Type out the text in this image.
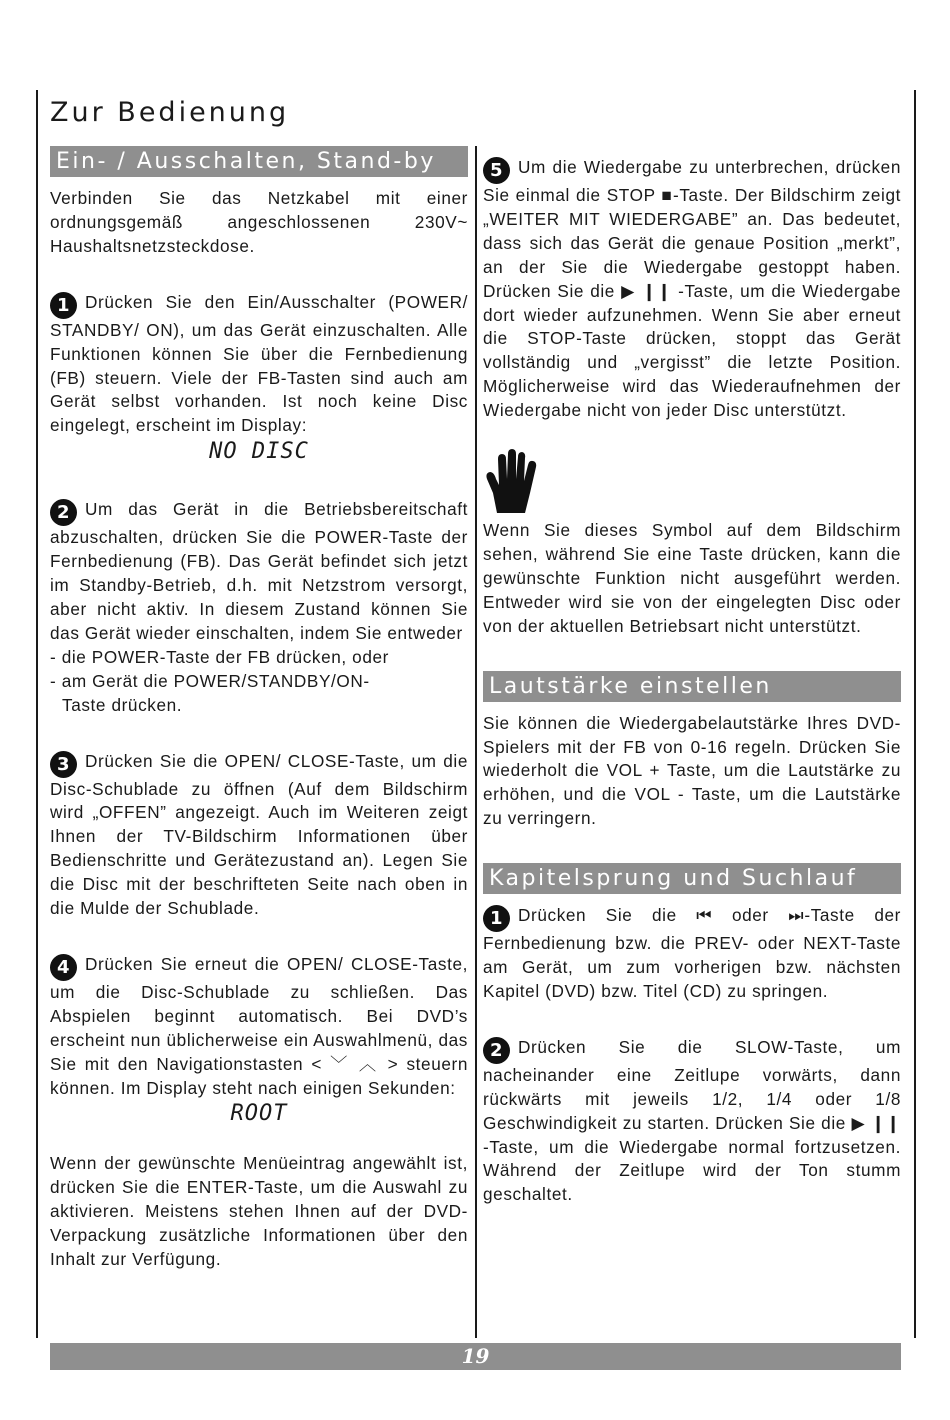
Zur Bedienung
Ein- / Ausschalten, Stand-by

Verbinden Sie das Netzkabel mit einer ordnungsgemäß angeschlossenen 230V~ Haushaltsnetzsteckdose.

1 Drücken Sie den Ein/Ausschalter (POWER/ STANDBY/ ON), um das Gerät einzuschalten. Alle Funktionen können Sie über die Fernbedienung (FB) steuern. Viele der FB-Tasten sind auch am Gerät selbst vorhanden. Ist noch keine Disc eingelegt, erscheint im Display:

NO DISC

2 Um das Gerät in die Betriebsbereitschaft abzuschalten, drücken Sie die POWER-Taste der Fernbedienung (FB). Das Gerät befindet sich jetzt im Standby-Betrieb, d.h. mit Netzstrom versorgt, aber nicht aktiv. In diesem Zustand können Sie das Gerät wieder einschalten, indem Sie entweder

- die POWER-Taste der FB drücken, oder

- am Gerät die POWER/STANDBY/ON-

Taste drücken.

3 Drücken Sie die OPEN/ CLOSE-Taste, um die Disc-Schublade zu öffnen (Auf dem Bildschirm wird „OFFEN” angezeigt. Auch im Weiteren zeigt Ihnen der TV-Bildschirm Informationen über Bedienschritte und Gerätezustand an). Legen Sie die Disc mit der beschrifteten Seite nach oben in die Mulde der Schublade.

4 Drücken Sie erneut die OPEN/ CLOSE-Taste, um die Disc-Schublade zu schließen. Das Abspielen beginnt automatisch. Bei DVD’s erscheint nun üblicherweise ein Auswahlmenü, das Sie mit den Navigationstasten < ﹀ ︿ > steuern können. Im Display steht nach einigen Sekunden:

ROOT

Wenn der gewünschte Menüeintrag angewählt ist, drücken Sie die ENTER-Taste, um die Auswahl zu aktivieren. Meistens stehen Ihnen auf der DVD-Verpackung zusätzliche Informationen über den Inhalt zur Verfügung.

5 Um die Wiedergabe zu unterbrechen, drücken Sie einmal die STOP ■-Taste. Der Bildschirm zeigt „WEITER MIT WIEDERGABE” an. Das bedeutet, dass sich das Gerät die genaue Position „merkt”, an der Sie die Wiedergabe gestoppt haben. Drücken Sie die ▶ ❙❙ -Taste, um die Wiedergabe dort wieder aufzunehmen. Wenn Sie aber erneut die STOP-Taste drücken, stoppt das Gerät vollständig und „vergisst” die letzte Position. Möglicherweise wird das Wiederaufnehmen der Wiedergabe nicht von jeder Disc unterstützt.

Wenn Sie dieses Symbol auf dem Bildschirm sehen, während Sie eine Taste drücken, kann die gewünschte Funktion nicht ausgeführt werden. Entweder wird sie von der eingelegten Disc oder von der aktuellen Betriebsart nicht unterstützt.

Lautstärke einstellen

Sie können die Wiedergabelautstärke Ihres DVD-Spielers mit der FB von 0-16 regeln. Drücken Sie wiederholt die VOL + Taste, um die Lautstärke zu erhöhen, und die VOL - Taste, um die Lautstärke zu verringern.

Kapitelsprung und Suchlauf

1 Drücken Sie die ⏮ oder ⏭-Taste der Fernbedienung bzw. die PREV- oder NEXT-Taste am Gerät, um zum vorherigen bzw. nächsten Kapitel (DVD) bzw. Titel (CD) zu springen.

2 Drücken Sie die SLOW-Taste, um nacheinander eine Zeitlupe vorwärts, dann rückwärts mit jeweils 1/2, 1/4 oder 1/8 Geschwindigkeit zu starten. Drücken Sie die ▶ ❙❙ -Taste, um die Wiedergabe normal fortzusetzen. Während der Zeitlupe wird der Ton stumm geschaltet.

19
